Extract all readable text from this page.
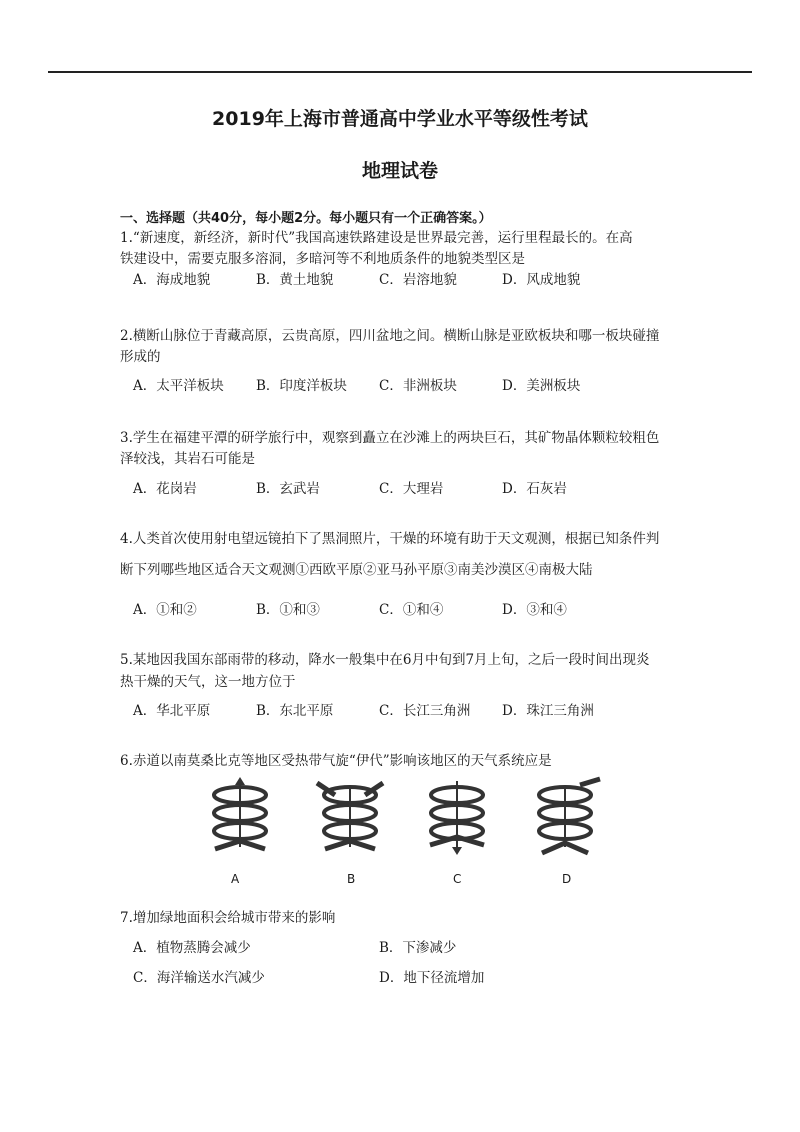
2019年上海市普通高中学业水平等级性考试
地理试卷
一、选择题（共40分，每小题2分。每小题只有一个正确答案。）
1.“新速度，新经济，新时代”我国高速铁路建设是世界最完善，运行里程最长的。在高
铁建设中，需要克服多溶洞，多暗河等不利地质条件的地貌类型区是
A．海成地貌	B．黄土地貌	C．岩溶地貌	D．风成地貌
2.横断山脉位于青藏高原，云贵高原，四川盆地之间。横断山脉是亚欧板块和哪一板块碰撞
形成的
A．太平洋板块 B．印度洋板块 C．非洲板块	D．美洲板块
3.学生在福建平潭的研学旅行中，观察到矗立在沙滩上的两块巨石，其矿物晶体颗粒较粗色
泽较浅，其岩石可能是
A．花岗岩	B．玄武岩	C．大理岩	D．石灰岩
4.人类首次使用射电望远镜拍下了黑洞照片，干燥的环境有助于天文观测，根据已知条件判
断下列哪些地区适合天文观测①西欧平原②亚马孙平原③南美沙漠区④南极大陆
A．①和②	B．①和③	C．①和④	D．③和④
5.某地因我国东部雨带的移动，降水一般集中在6月中旬到7月上旬，之后一段时间出现炎
热干燥的天气，这一地方位于
A．华北平原	B．东北平原	C．长江三角洲 D．珠江三角洲
6.赤道以南莫桑比克等地区受热带气旋“伊代”影响该地区的天气系统应是
A	B	C	D
7.增加绿地面积会给城市带来的影响
A．植物蒸腾会减少	B．下渗减少
C．海洋输送水汽减少	D．地下径流增加
